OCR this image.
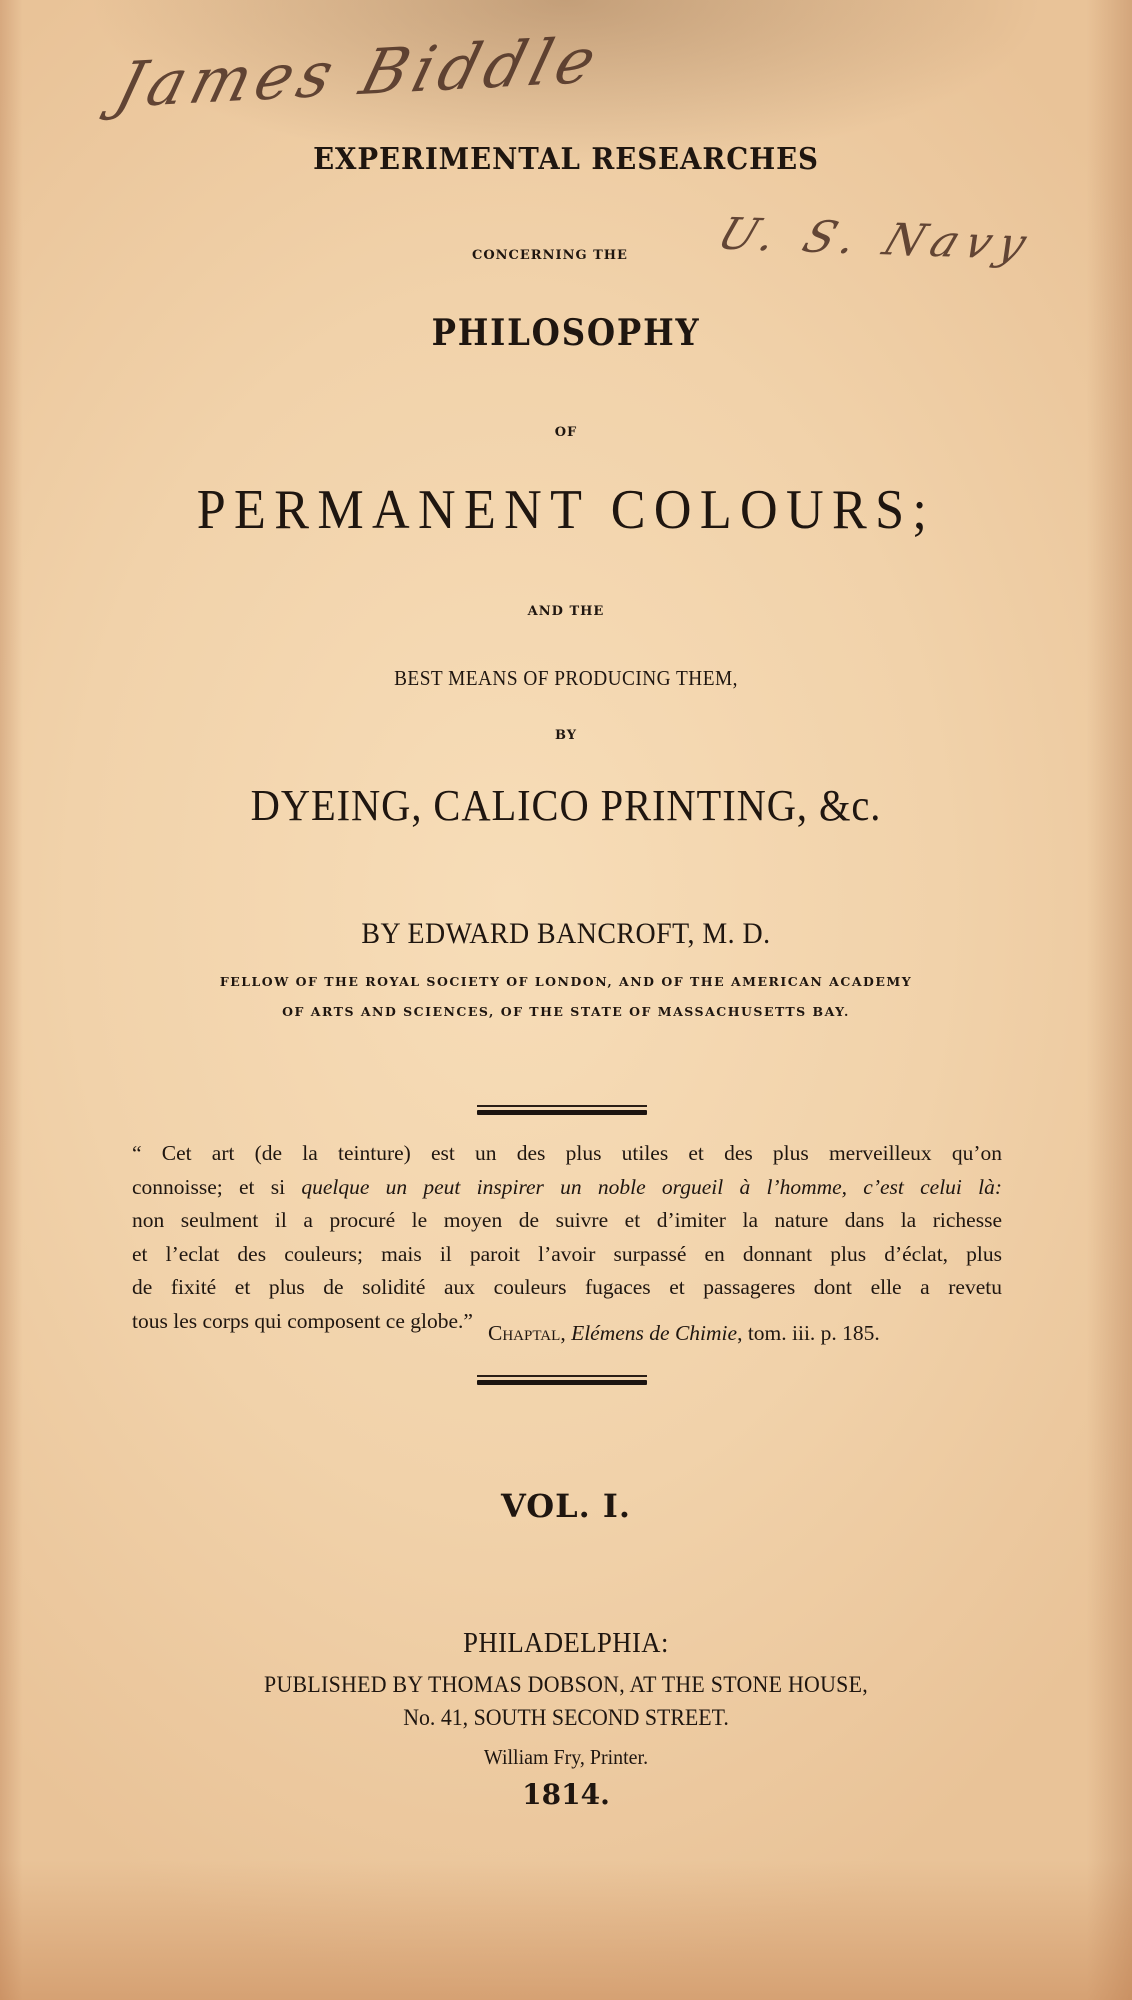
James Biddle
U. S. Navy
EXPERIMENTAL RESEARCHES
CONCERNING THE
PHILOSOPHY
OF
PERMANENT COLOURS;
AND THE
BEST MEANS OF PRODUCING THEM,
BY
DYEING, CALICO PRINTING, &c.
BY EDWARD BANCROFT, M. D.
FELLOW OF THE ROYAL SOCIETY OF LONDON, AND OF THE AMERICAN ACADEMY
OF ARTS AND SCIENCES, OF THE STATE OF MASSACHUSETTS BAY.
“ Cet art (de la teinture) est un des plus utiles et des plus merveilleux qu’on
connoisse; et si quelque un peut inspirer un noble orgueil à l’homme, c’est celui là:
non seulment il a procuré le moyen de suivre et d’imiter la nature dans la richesse
et l’eclat des couleurs; mais il paroit l’avoir surpassé en donnant plus d’éclat, plus
de fixité et plus de solidité aux couleurs fugaces et passageres dont elle a revetu
tous les corps qui composent ce globe.”
Chaptal, Elémens de Chimie, tom. iii. p. 185.
VOL. I.
PHILADELPHIA:
PUBLISHED BY THOMAS DOBSON, AT THE STONE HOUSE,
No. 41, SOUTH SECOND STREET.
William Fry, Printer.
1814.
